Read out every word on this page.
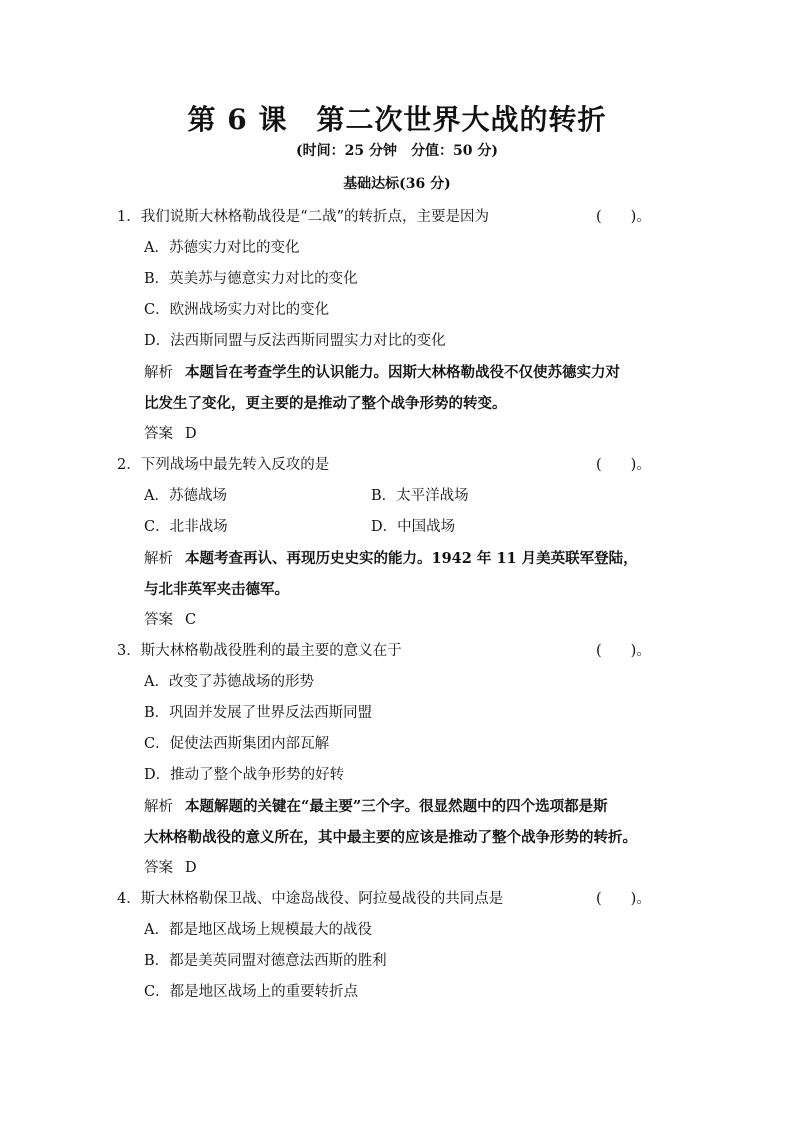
第 6 课　第二次世界大战的转折
(时间：25 分钟　分值：50 分)
基础达标(36 分)
1．我们说斯大林格勒战役是“二战”的转折点，主要是因为	(　　)。
A．苏德实力对比的变化
B．英美苏与德意实力对比的变化
C．欧洲战场实力对比的变化
D．法西斯同盟与反法西斯同盟实力对比的变化
解析 本题旨在考查学生的认识能力。因斯大林格勒战役不仅使苏德实力对
比发生了变化，更主要的是推动了整个战争形势的转变。
答案 D
2．下列战场中最先转入反攻的是	(　　)。
A．苏德战场	B．太平洋战场
C．北非战场	D．中国战场
解析 本题考查再认、再现历史史实的能力。1942 年 11 月美英联军登陆，
与北非英军夹击德军。
答案 C
3．斯大林格勒战役胜利的最主要的意义在于	(　　)。
A．改变了苏德战场的形势
B．巩固并发展了世界反法西斯同盟
C．促使法西斯集团内部瓦解
D．推动了整个战争形势的好转
解析 本题解题的关键在“最主要”三个字。很显然题中的四个选项都是斯
大林格勒战役的意义所在，其中最主要的应该是推动了整个战争形势的转折。
答案 D
4．斯大林格勒保卫战、中途岛战役、阿拉曼战役的共同点是	(　　)。
A．都是地区战场上规模最大的战役
B．都是美英同盟对德意法西斯的胜利
C．都是地区战场上的重要转折点
